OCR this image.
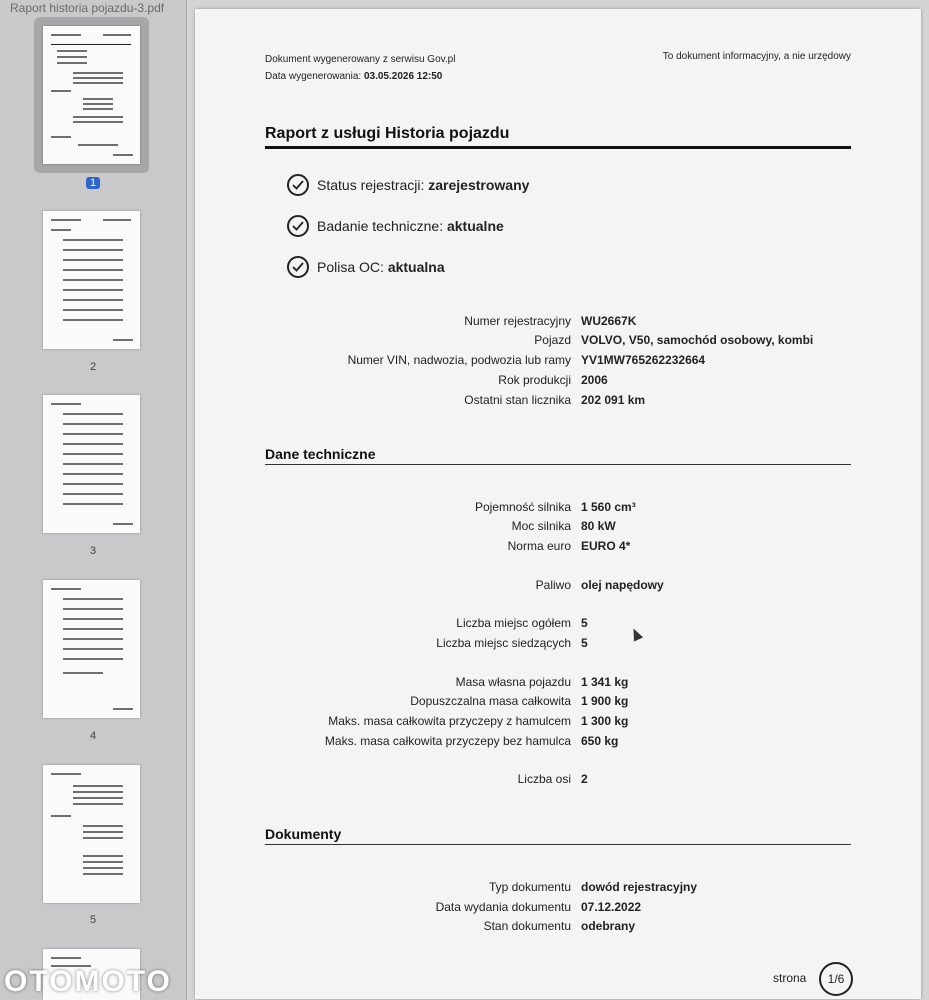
Raport historia pojazdu-3.pdf
1
2
3
4
5
OTOMOTO
Dokument wygenerowany z serwisu Gov.pl
Data wygenerowania: 03.05.2026 12:50
To dokument informacyjny, a nie urzędowy
Raport z usługi Historia pojazdu
Status rejestracji:
zarejestrowany
Badanie techniczne:
aktualne
Polisa OC:
aktualna
Numer rejestracyjny WU2667K
Pojazd VOLVO, V50, samochód osobowy, kombi
Numer VIN, nadwozia, podwozia lub ramy YV1MW765262232664
Rok produkcji 2006
Ostatni stan licznika 202 091 km
Dane techniczne
Pojemność silnika 1 560 cm³
Moc silnika 80 kW
Norma euro EURO 4*
Paliwo olej napędowy
Liczba miejsc ogółem 5
Liczba miejsc siedzących 5
Masa własna pojazdu 1 341 kg
Dopuszczalna masa całkowita 1 900 kg
Maks. masa całkowita przyczepy z hamulcem 1 300 kg
Maks. masa całkowita przyczepy bez hamulca 650 kg
Liczba osi 2
Dokumenty
Typ dokumentu dowód rejestracyjny
Data wydania dokumentu 07.12.2022
Stan dokumentu odebrany
strona	1/6
